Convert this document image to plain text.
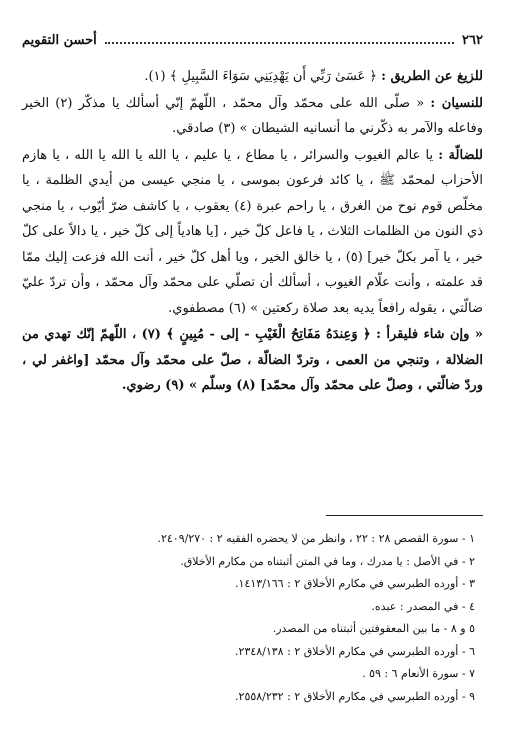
٢٦٢
أحسن التقويم

للزيغ عن الطريق : ﴿ عَسَىٰ رَبِّي أَن يَهْدِيَنِي سَوَاءَ السَّبِيلِ ﴾ (١).

للنسيان : « صلّى الله على محمّد وآل محمّد ، اللّهمّ إنّي أسألك يا مذكّر (٢) الخير وفاعله والآمر به ذكّرني ما أنسانيه الشيطان » (٣) صادقي.

للضالّة : يا عالم الغيوب والسرائر ، يا مطاع ، يا عليم ، يا الله يا الله يا الله ، يا هازم الأحزاب لمحمّد ﷺ ، يا كائد فرعون بموسى ، يا منجي عيسى من أيدي الظلمة ، يا مخلّص قوم نوح من الغرق ، يا راحم عبرة (٤) يعقوب ، يا كاشف ضرّ أيّوب ، يا منجي ذي النون من الظلمات الثلاث ، يا فاعل كلّ خير ، [يا هادياً إلى كلّ خير ، يا دالاً على كلّ خير ، يا آمر بكلّ خير] (٥) ، يا خالق الخير ، ويا أهل كلّ خير ، أنت الله فزعت إليك ممّا قد علمته ، وأنت علّام الغيوب ، أسألك أن تصلّي على محمّد وآل محمّد ، وأن تردّ عليّ ضالّتي ، يقوله رافعاً يديه بعد صلاة ركعتين » (٦) مصطفوي.

« وإن شاء فليقرأ : ﴿ وَعِندَهُ مَفَاتِحُ الْغَيْبِ - إلى - مُبِينٍ ﴾ (٧) ، اللّهمّ إنّك تهدي من الضلالة ، وتنجي من العمى ، وتردّ الضالّة ، صلّ على محمّد وآل محمّد [واغفر لي ، وردّ ضالّتي ، وصلّ على محمّد وآل محمّد] (٨) وسلّم » (٩) رضوي.

١ - سورة القصص ٢٨ : ٢٢ ، وانظر من لا يحضره الفقيه ٢ : ٢٤٠٩/٢٧٠.
٢ - في الأصل : يا مدرك ، وما في المتن أثبتناه من مكارم الأخلاق.
٣ - أورده الطبرسي في مكارم الأخلاق ٢ : ١٤١٣/١٦٦.
٤ - في المصدر : عبده.
٥ و ٨ - ما بين المعقوفتين أثبتناه من المصدر.
٦ - أورده الطبرسي في مكارم الأخلاق ٢ : ٢٣٤٨/١٣٨.
٧ - سورة الأنعام ٦ : ٥٩ .
٩ - أورده الطبرسي في مكارم الأخلاق ٢ : ٢٥٥٨/٢٣٢.
